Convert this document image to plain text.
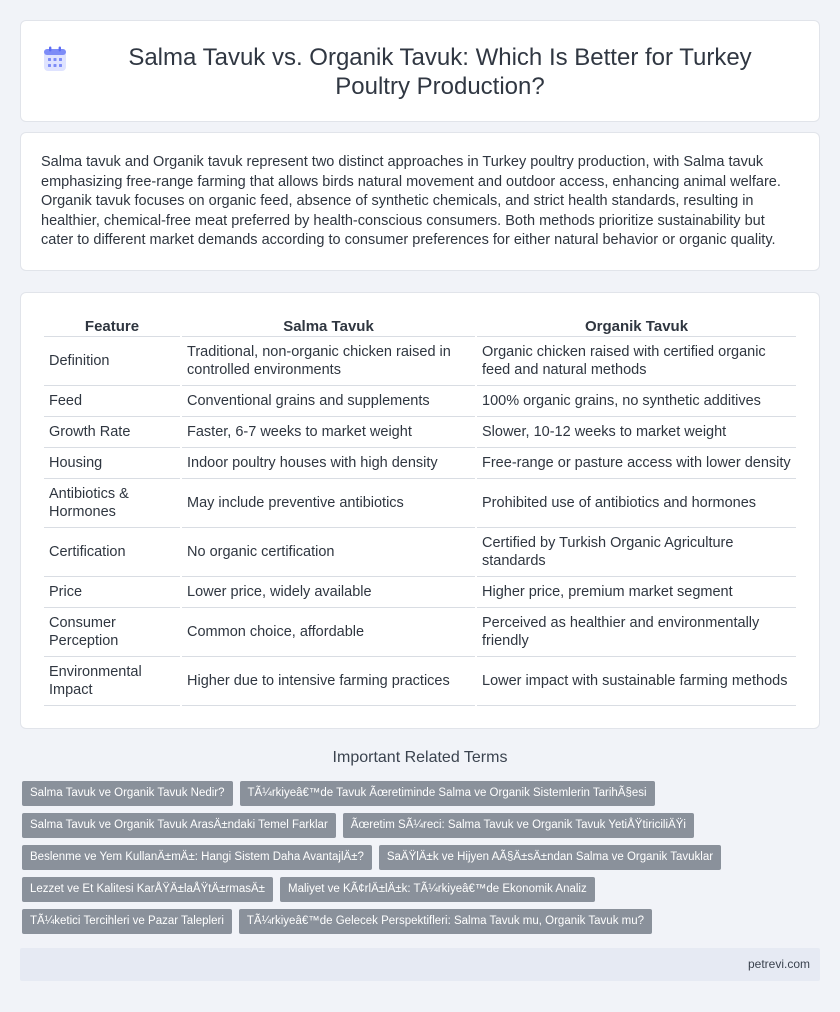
Salma Tavuk vs. Organik Tavuk: Which Is Better for Turkey Poultry Production?

Salma tavuk and Organik tavuk represent two distinct approaches in Turkey poultry production, with Salma tavuk emphasizing free-range farming that allows birds natural movement and outdoor access, enhancing animal welfare. Organik tavuk focuses on organic feed, absence of synthetic chemicals, and strict health standards, resulting in healthier, chemical-free meat preferred by health-conscious consumers. Both methods prioritize sustainability but cater to different market demands according to consumer preferences for either natural behavior or organic quality.

Feature	Salma Tavuk	Organik Tavuk
Definition	Traditional, non-organic chicken raised in controlled environments	Organic chicken raised with certified organic feed and natural methods
Feed	Conventional grains and supplements	100% organic grains, no synthetic additives
Growth Rate	Faster, 6-7 weeks to market weight	Slower, 10-12 weeks to market weight
Housing	Indoor poultry houses with high density	Free-range or pasture access with lower density
Antibiotics & Hormones	May include preventive antibiotics	Prohibited use of antibiotics and hormones
Certification	No organic certification	Certified by Turkish Organic Agriculture standards
Price	Lower price, widely available	Higher price, premium market segment
Consumer Perception	Common choice, affordable	Perceived as healthier and environmentally friendly
Environmental Impact	Higher due to intensive farming practices	Lower impact with sustainable farming methods
Important Related Terms
Salma Tavuk ve Organik Tavuk Nedir?	TÃ¼rkiyeâ€™de Tavuk Ãœretiminde Salma ve Organik Sistemlerin TarihÃ§esi
Salma Tavuk ve Organik Tavuk ArasÄ±ndaki Temel Farklar	Ãœretim SÃ¼reci: Salma Tavuk ve Organik Tavuk YetiÅŸtiriciliÄŸi
Beslenme ve Yem KullanÄ±mÄ±: Hangi Sistem Daha AvantajlÄ±?	SaÄŸlÄ±k ve Hijyen AÃ§Ä±sÄ±ndan Salma ve Organik Tavuklar
Lezzet ve Et Kalitesi KarÅŸÄ±laÅŸtÄ±rmasÄ±	Maliyet ve KÃ¢rlÄ±lÄ±k: TÃ¼rkiyeâ€™de Ekonomik Analiz
TÃ¼ketici Tercihleri ve Pazar Talepleri	TÃ¼rkiyeâ€™de Gelecek Perspektifleri: Salma Tavuk mu, Organik Tavuk mu?
petrevi.com
